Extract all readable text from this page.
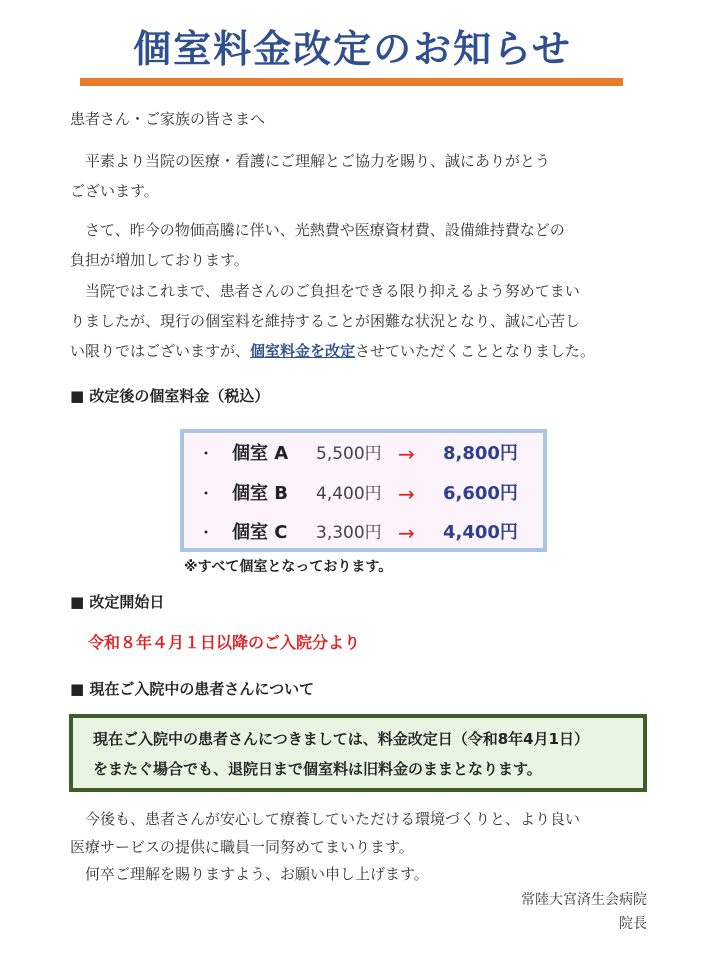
個室料金改定のお知らせ
患者さん・ご家族の皆さまへ
　平素より当院の医療・看護にご理解とご協力を賜り、誠にありがとう
ございます。
　さて、昨今の物価高騰に伴い、光熱費や医療資材費、設備維持費などの
負担が増加しております。
　当院ではこれまで、患者さんのご負担をできる限り抑えるよう努めてまい
りましたが、現行の個室料を維持することが困難な状況となり、誠に心苦し
い限りではございますが、個室料金を改定させていただくこととなりました。
■ 改定後の個室料金（税込）
・ 個室 A 5,500円 → 8,800円
・ 個室 B 4,400円 → 6,600円
・ 個室 C 3,300円 → 4,400円
※すべて個室となっております。
■ 改定開始日
令和８年４月１日以降のご入院分より
■ 現在ご入院中の患者さんについて
現在ご入院中の患者さんにつきましては、料金改定日（令和8年4月1日）
をまたぐ場合でも、退院日まで個室料は旧料金のままとなります。
　今後も、患者さんが安心して療養していただける環境づくりと、より良い
医療サービスの提供に職員一同努めてまいります。
　何卒ご理解を賜りますよう、お願い申し上げます。
常陸大宮済生会病院
院長
